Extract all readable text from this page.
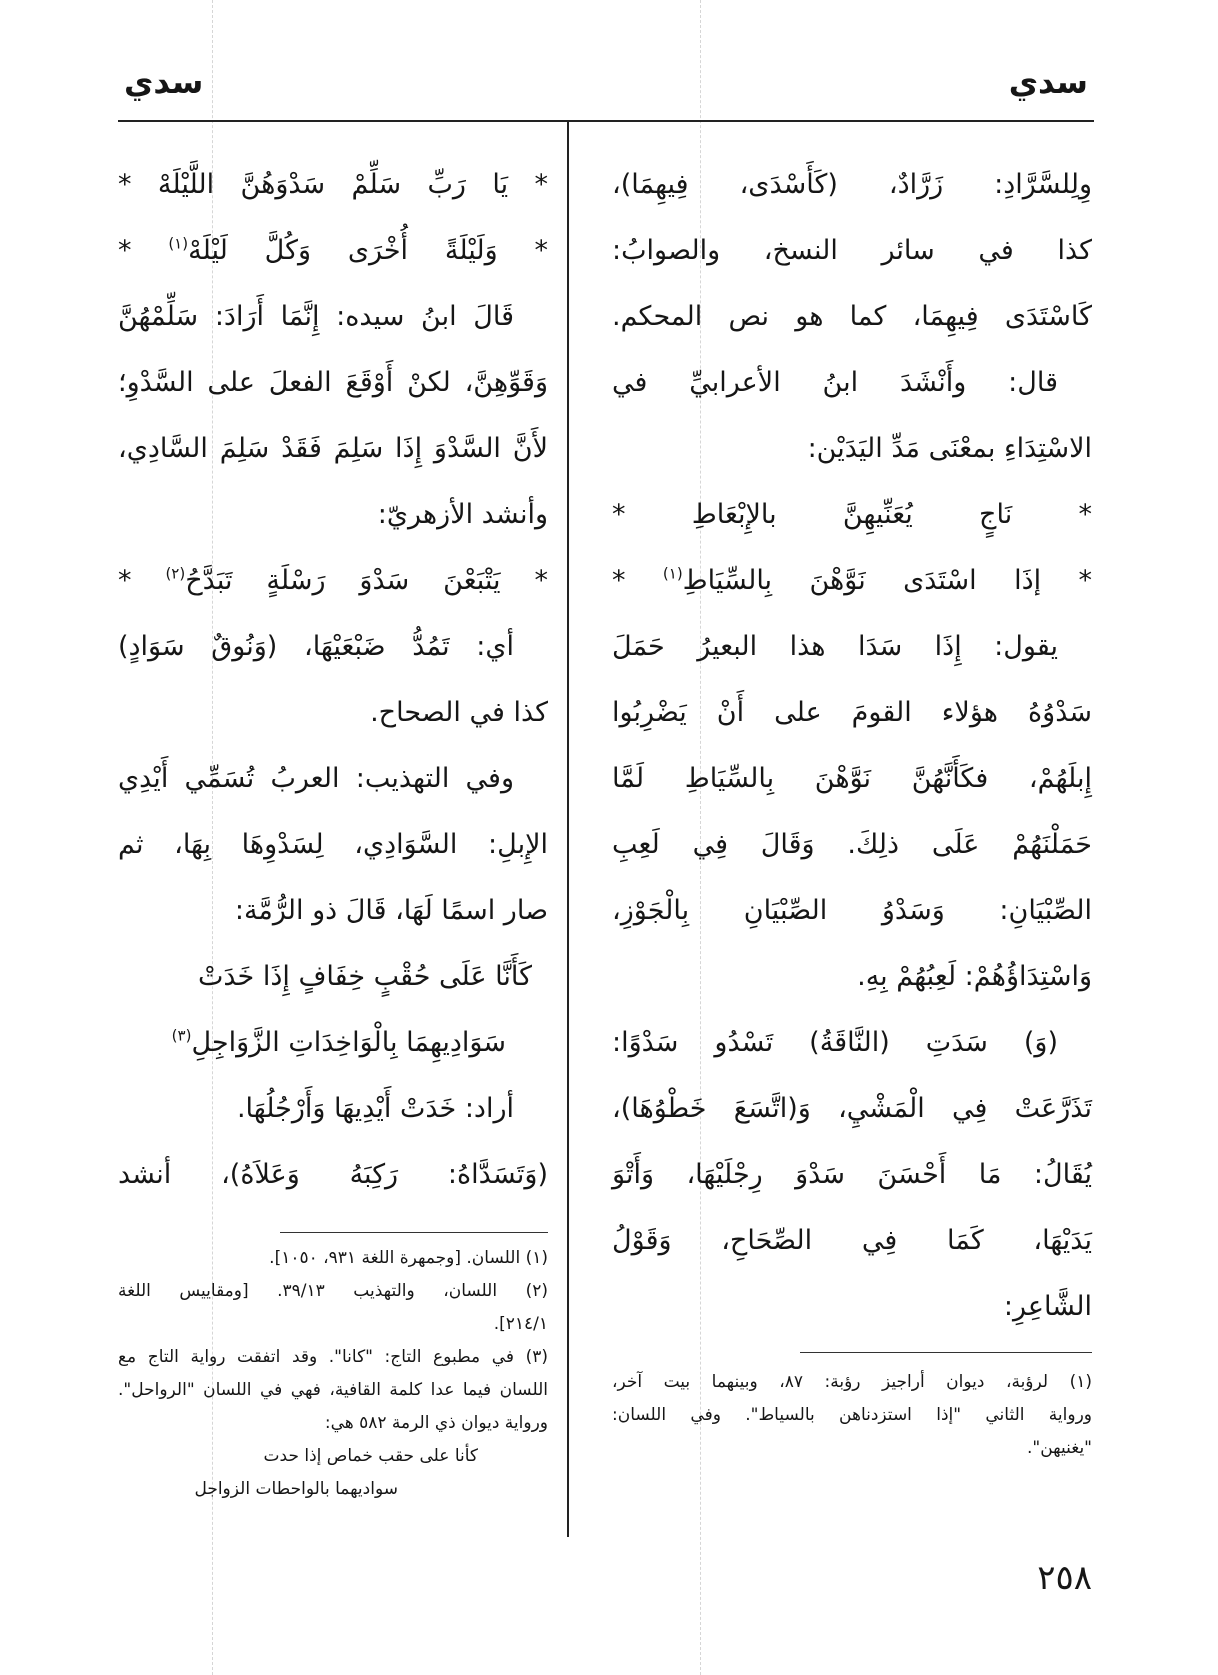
سدي
سدي
وِلِلسَّرَّادِ: زَرَّادٌ، (كَأَسْدَى، فِيهِمَا)،
كذا في سائر النسخ، والصوابُ:
كَاسْتَدَى فِيهِمَا، كما هو نص المحكم.
قال: وأَنْشَدَ ابنُ الأعرابيِّ في
الاسْتِدَاءِ بمعْنَى مَدِّ اليَدَيْن:
* نَاجٍ يُعَنِّيهِنَّ بالإِبْعَاطِ *
* إذَا اسْتَدَى نَوَّهْنَ بِالسِّيَاطِ$^{(١)}$ *
يقول: إِذَا سَدَا هذا البعيرُ حَمَلَ
سَدْوُهُ هؤلاء القومَ على أَنْ يَضْرِبُوا
إِبلَهُمْ، فكَأَنَّهُنَّ نَوَّهْنَ بِالسِّيَاطِ لَمَّا
حَمَلْنَهُمْ عَلَى ذلِكَ. وَقَالَ فِي لَعِبِ
الصِّبْيَانِ: وَسَدْوُ الصِّبْيَانِ بِالْجَوْزِ،
وَاسْتِدَاؤُهُمْ: لَعِبُهُمْ بِهِ.
(وَ) سَدَتِ (النَّاقَةُ) تَسْدُو سَدْوًا:
تَذَرَّعَتْ فِي الْمَشْيِ، وَ(اتَّسَعَ خَطْوُهَا)،
يُقَالُ: مَا أَحْسَنَ سَدْوَ رِجْلَيْهَا، وَأَتْوَ
يَدَيْهَا، كَمَا فِي الصِّحَاحِ، وَقَوْلُ
الشَّاعِرِ:
(١) لرؤبة، ديوان أراجيز رؤبة: ٨٧، وبينهما بيت آخر،
ورواية الثاني "إذا استزدناهن بالسياط". وفي اللسان:
"يغنيهن".
* يَا رَبِّ سَلِّمْ سَدْوَهُنَّ اللَّيْلَهْ *
* وَلَيْلَةً أُخْرَى وَكُلَّ لَيْلَهْ$^{(١)}$ *
قَالَ ابنُ سيده: إِنَّمَا أَرَادَ: سَلِّمْهُنَّ
وَقَوِّهِنَّ، لكنْ أَوْقَعَ الفعلَ على السَّدْوِ؛
لأَنَّ السَّدْوَ إِذَا سَلِمَ فَقَدْ سَلِمَ السَّادِي،
وأنشد الأزهريّ:
* يَتْبَعْنَ سَدْوَ رَسْلَةٍ تَبَدَّحُ$^{(٢)}$ *
أي: تَمُدُّ ضَبْعَيْهَا، (وَنُوقٌ سَوَادٍ)
كذا في الصحاح.
وفي التهذيب: العربُ تُسَمِّي أَيْدِي
الإِبلِ: السَّوَادِي، لِسَدْوِهَا بِهَا، ثم
صار اسمًا لَهَا، قَالَ ذو الرُّمَّة:
كَأَنَّا عَلَى حُقْبٍ خِفَافٍ إِذَا خَدَتْ
سَوَادِيهِمَا بِالْوَاخِدَاتِ الزَّوَاجِلِ$^{(٣)}$
أراد: خَدَتْ أَيْدِيهَا وَأَرْجُلُهَا.
(وَتَسَدَّاهُ: رَكِبَهُ وَعَلاَهُ)، أنشد
(١) اللسان. [وجمهرة اللغة ٩٣١، ١٠٥٠].
(٢) اللسان، والتهذيب ٣٩/١٣. [ومقاييس اللغة
٢١٤/١].
(٣) في مطبوع التاج: "كانا". وقد اتفقت رواية التاج مع
اللسان فيما عدا كلمة القافية، فهي في اللسان "الرواحل".
ورواية ديوان ذي الرمة ٥٨٢ هي:
كأنا على حقب خماص إذا حدت
سواديهما بالواحطات الزواجل
٢٥٨
